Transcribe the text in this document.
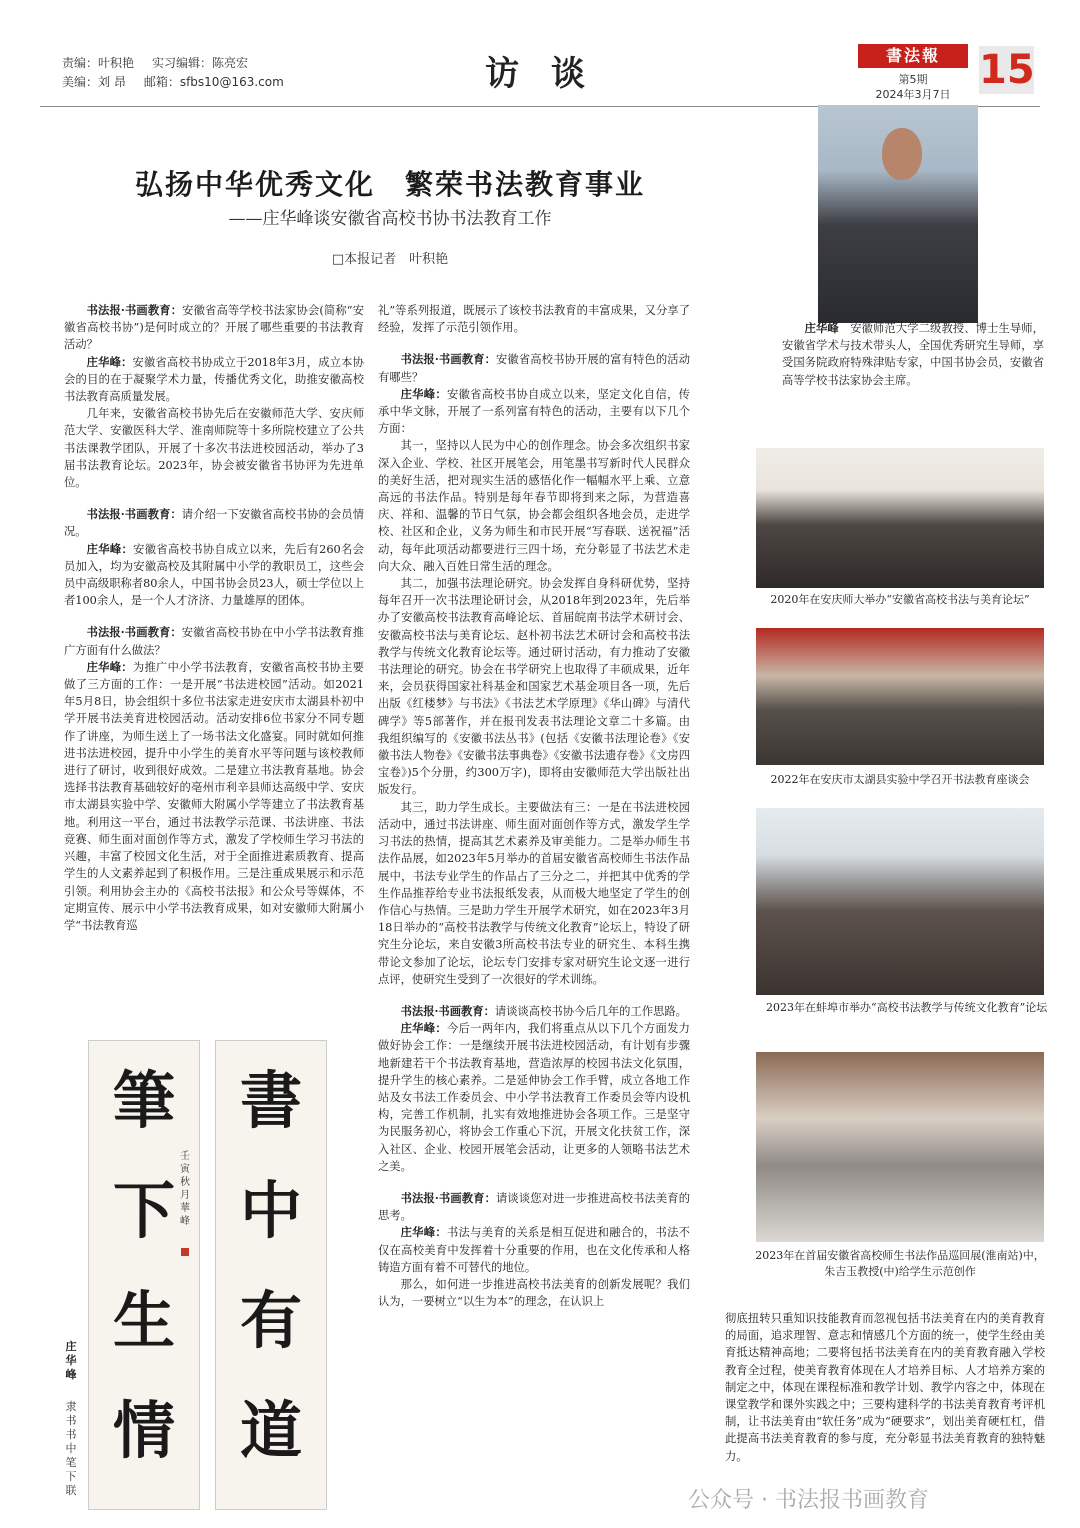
责编：叶积艳 实习编辑：陈亮宏
美编：刘 昂 邮箱：sfbs10@163.com	访 谈	書法報
第5期
2024年3月7日
15
弘扬中华优秀文化　繁荣书法教育事业
——庄华峰谈安徽省高校书协书法教育工作
□本报记者　叶积艳

书法报·书画教育：安徽省高等学校书法家协会(简称“安徽省高校书协”)是何时成立的？开展了哪些重要的书法教育活动？

庄华峰：安徽省高校书协成立于2018年3月，成立本协会的目的在于凝聚学术力量，传播优秀文化，助推安徽高校书法教育高质量发展。

几年来，安徽省高校书协先后在安徽师范大学、安庆师范大学、安徽医科大学、淮南师院等十多所院校建立了公共书法课教学团队，开展了十多次书法进校园活动，举办了3届书法教育论坛。2023年，协会被安徽省书协评为先进单位。

书法报·书画教育：请介绍一下安徽省高校书协的会员情况。

庄华峰：安徽省高校书协自成立以来，先后有260名会员加入，均为安徽高校及其附属中小学的教职员工，这些会员中高级职称者80余人，中国书协会员23人，硕士学位以上者100余人，是一个人才济济、力量雄厚的团体。

书法报·书画教育：安徽省高校书协在中小学书法教育推广方面有什么做法？

庄华峰：为推广中小学书法教育，安徽省高校书协主要做了三方面的工作：一是开展“书法进校园”活动。如2021年5月8日，协会组织十多位书法家走进安庆市太湖县朴初中学开展书法美育进校园活动。活动安排6位书家分不同专题作了讲座，为师生送上了一场书法文化盛宴。同时就如何推进书法进校园，提升中小学生的美育水平等问题与该校教师进行了研讨，收到很好成效。二是建立书法教育基地。协会选择书法教育基础较好的亳州市利辛县师达高级中学、安庆市太湖县实验中学、安徽师大附属小学等建立了书法教育基地。利用这一平台，通过书法教学示范课、书法讲座、书法竞赛、师生面对面创作等方式，激发了学校师生学习书法的兴趣，丰富了校园文化生活，对于全面推进素质教育、提高学生的人文素养起到了积极作用。三是注重成果展示和示范引领。利用协会主办的《高校书法报》和公众号等媒体，不定期宣传、展示中小学书法教育成果，如对安徽师大附属小学“书法教育巡

礼”等系列报道，既展示了该校书法教育的丰富成果，又分享了经验，发挥了示范引领作用。

书法报·书画教育：安徽省高校书协开展的富有特色的活动有哪些？

庄华峰：安徽省高校书协自成立以来，坚定文化自信，传承中华文脉，开展了一系列富有特色的活动，主要有以下几个方面：

其一，坚持以人民为中心的创作理念。协会多次组织书家深入企业、学校、社区开展笔会，用笔墨书写新时代人民群众的美好生活，把对现实生活的感悟化作一幅幅水平上乘、立意高远的书法作品。特别是每年春节即将到来之际，为营造喜庆、祥和、温馨的节日气氛，协会都会组织各地会员，走进学校、社区和企业，义务为师生和市民开展“写春联、送祝福”活动，每年此项活动都要进行三四十场，充分彰显了书法艺术走向大众、融入百姓日常生活的理念。

其二，加强书法理论研究。协会发挥自身科研优势，坚持每年召开一次书法理论研讨会，从2018年到2023年，先后举办了安徽高校书法教育高峰论坛、首届皖南书法学术研讨会、安徽高校书法与美育论坛、赵朴初书法艺术研讨会和高校书法教学与传统文化教育论坛等。通过研讨活动，有力推动了安徽书法理论的研究。协会在书学研究上也取得了丰硕成果，近年来，会员获得国家社科基金和国家艺术基金项目各一项，先后出版《红楼梦》与书法》《书法艺术学原理》《华山碑》与清代碑学》等5部著作，并在报刊发表书法理论文章二十多篇。由我组织编写的《安徽书法丛书》(包括《安徽书法理论卷》《安徽书法人物卷》《安徽书法事典卷》《安徽书法遗存卷》《文房四宝卷》)5个分册，约300万字)，即将由安徽师范大学出版社出版发行。

其三，助力学生成长。主要做法有三：一是在书法进校园活动中，通过书法讲座、师生面对面创作等方式，激发学生学习书法的热情，提高其艺术素养及审美能力。二是举办师生书法作品展，如2023年5月举办的首届安徽省高校师生书法作品展中，书法专业学生的作品占了三分之二，并把其中优秀的学生作品推荐给专业书法报纸发表，从而极大地坚定了学生的创作信心与热情。三是助力学生开展学术研究，如在2023年3月18日举办的“高校书法教学与传统文化教育”论坛上，特设了研究生分论坛，来自安徽3所高校书法专业的研究生、本科生携带论文参加了论坛，论坛专门安排专家对研究生论文逐一进行点评，使研究生受到了一次很好的学术训练。

书法报·书画教育：请谈谈高校书协今后几年的工作思路。

庄华峰：今后一两年内，我们将重点从以下几个方面发力做好协会工作：一是继续开展书法进校园活动，有计划有步骤地新建若干个书法教育基地，营造浓厚的校园书法文化氛围，提升学生的核心素养。二是延伸协会工作手臂，成立各地工作站及女书法工作委员会、中小学书法教育工作委员会等内设机构，完善工作机制，扎实有效地推进协会各项工作。三是坚守为民服务初心，将协会工作重心下沉，开展文化扶贫工作，深入社区、企业、校园开展笔会活动，让更多的人领略书法艺术之美。

书法报·书画教育：请谈谈您对进一步推进高校书法美育的思考。

庄华峰：书法与美育的关系是相互促进和融合的，书法不仅在高校美育中发挥着十分重要的作用，也在文化传承和人格铸造方面有着不可替代的地位。

那么，如何进一步推进高校书法美育的创新发展呢？我们认为，一要树立“以生为本”的理念，在认识上

彻底扭转只重知识技能教育而忽视包括书法美育在内的美育教育的局面，追求理智、意志和情感几个方面的统一，使学生经由美育抵达精神高地；二要将包括书法美育在内的美育教育融入学校教育全过程，使美育教育体现在人才培养目标、人才培养方案的制定之中，体现在课程标准和教学计划、教学内容之中，体现在课堂教学和课外实践之中；三要构建科学的书法美育教育考评机制，让书法美育由“软任务”成为“硬要求”，划出美育硬杠杠，借此提高书法美育教育的参与度，充分彰显书法美育教育的独特魅力。

庄华峰　 安徽师范大学二级教授、博士生导师，安徽省学术与技术带头人，全国优秀研究生导师，享受国务院政府特殊津贴专家，中国书协会员，安徽省高等学校书法家协会主席。
2020年在安庆师大举办“安徽省高校书法与美育论坛”
2022年在安庆市太湖县实验中学召开书法教育座谈会
2023年在蚌埠市举办“高校书法教学与传统文化教育”论坛
2023年在首届安徽省高校师生书法作品巡回展(淮南站)中，朱吉玉教授(中)给学生示范创作
筆
下
生
情
書
中
有
道
壬寅秋月華峰
庄华峰
隶书书中笔下联	公众号 · 书法报书画教育
